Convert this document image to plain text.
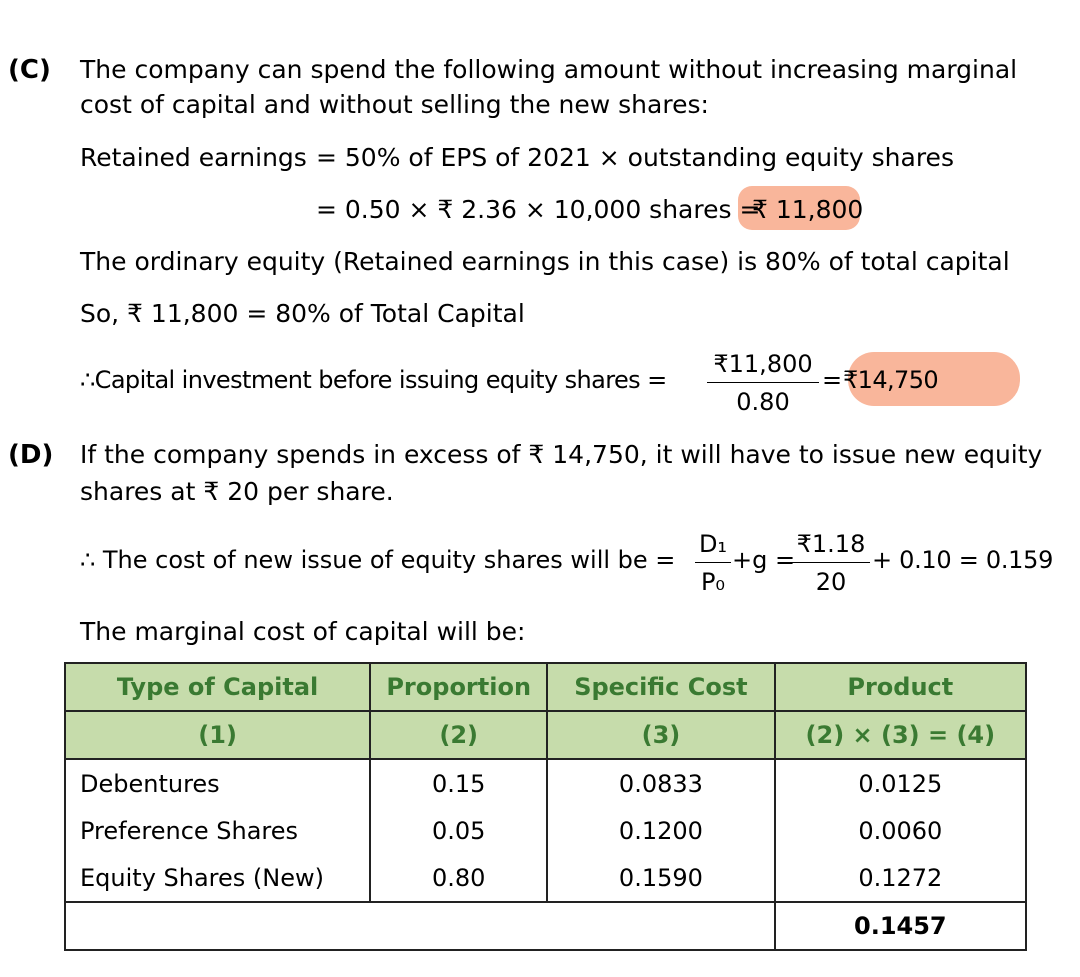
(C) The company can spend the following amount without increasing marginal
cost of capital and without selling the new shares:
Retained earnings = 50% of EPS of 2021 × outstanding equity shares
= 0.50 × ₹ 2.36 × 10,000 shares =
₹ 11,800
The ordinary equity (Retained earnings in this case) is 80% of total capital
So, ₹ 11,800 = 80% of Total Capital
∴Capital investment before issuing equity shares =
₹11,800
0.80
= ₹14,750
(D) If the company spends in excess of ₹ 14,750, it will have to issue new equity
shares at ₹ 20 per share.
∴ The cost of new issue of equity shares will be =
D₁
P₀
+g =
₹1.18
20
+ 0.10 = 0.159
The marginal cost of capital will be:
Type of Capital	Proportion	Specific Cost	Product
(1)	(2)	(3)	(2) × (3) = (4)
Debentures	0.15	0.0833	0.0125
Preference Shares	0.05	0.1200	0.0060
Equity Shares (New)	0.80	0.1590	0.1272
			0.1457
